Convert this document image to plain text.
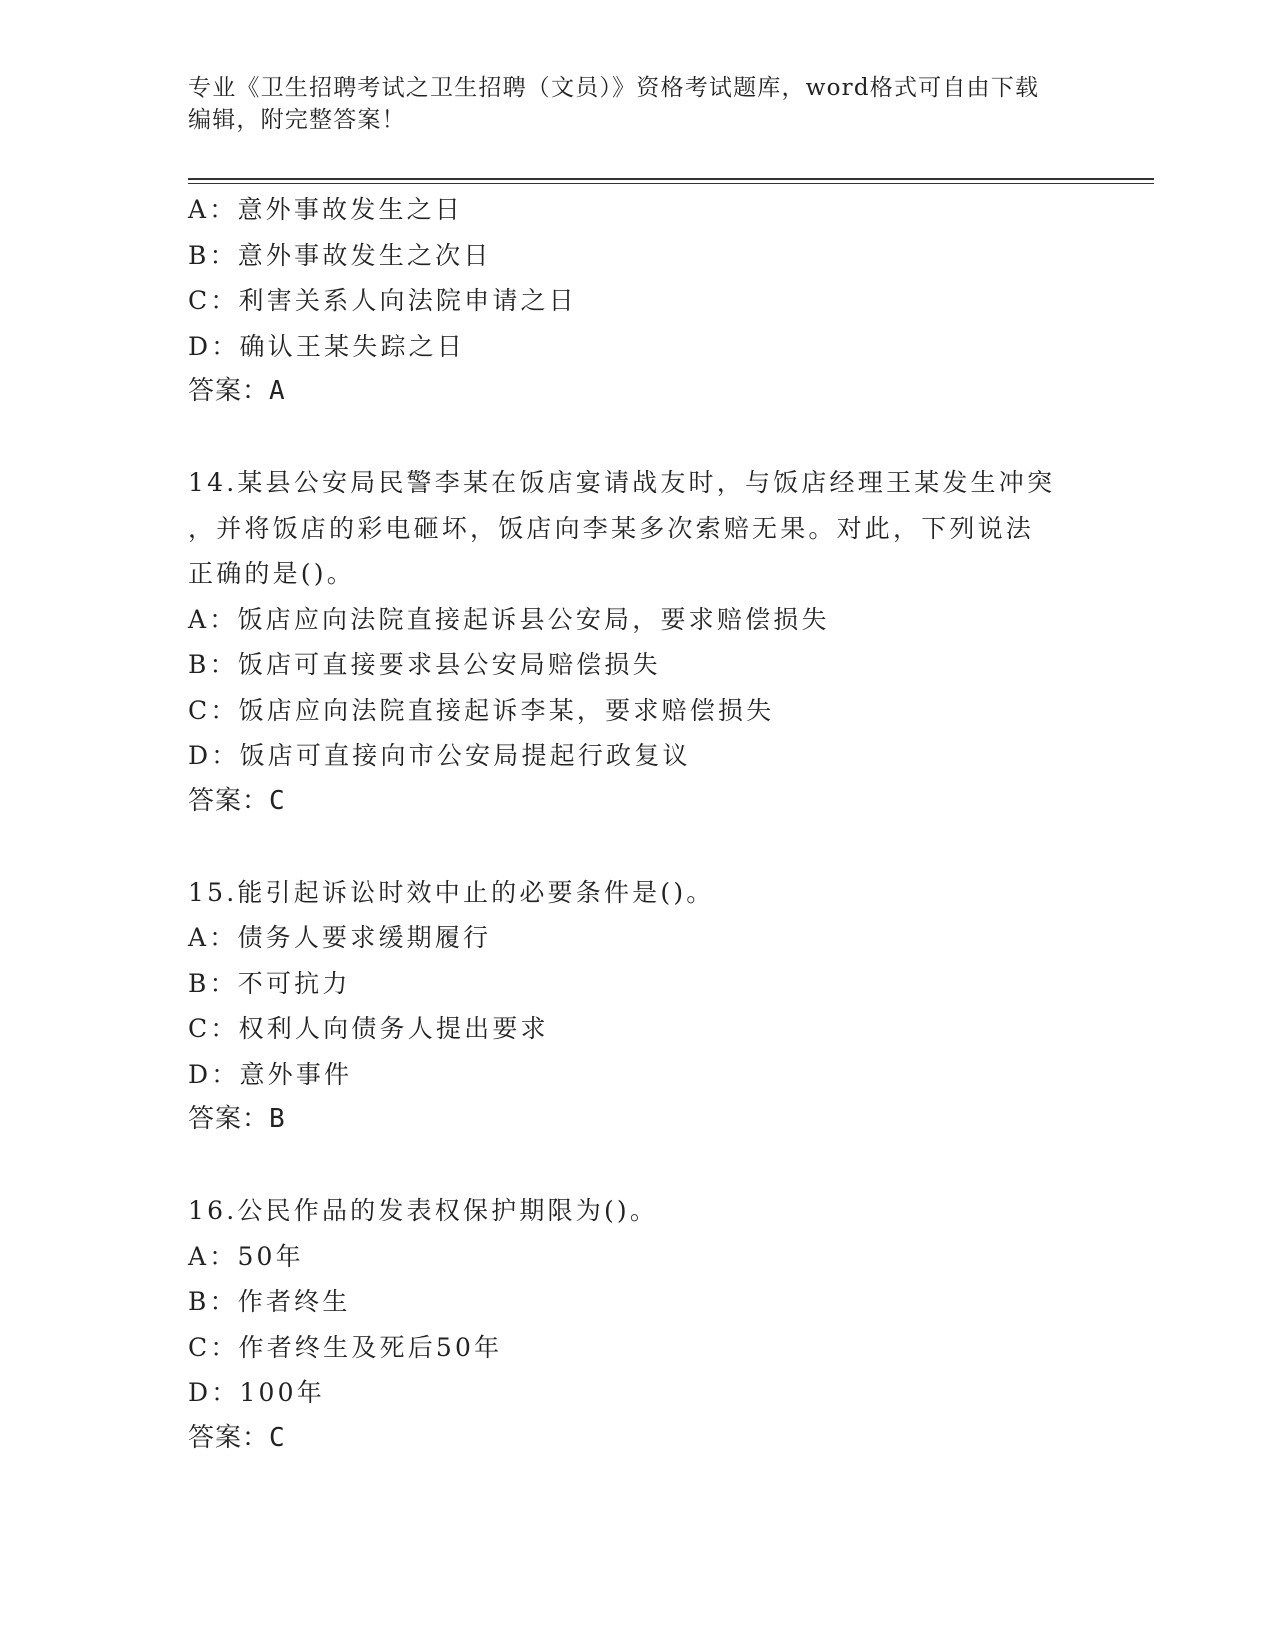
专业《卫生招聘考试之卫生招聘（文员）》资格考试题库，word格式可自由下载
编辑，附完整答案！
A：意外事故发生之日
B：意外事故发生之次日
C：利害关系人向法院申请之日
D：确认王某失踪之日
答案：A
14.某县公安局民警李某在饭店宴请战友时，与饭店经理王某发生冲突
，并将饭店的彩电砸坏，饭店向李某多次索赔无果。对此，下列说法
正确的是()。
A：饭店应向法院直接起诉县公安局，要求赔偿损失
B：饭店可直接要求县公安局赔偿损失
C：饭店应向法院直接起诉李某，要求赔偿损失
D：饭店可直接向市公安局提起行政复议
答案：C
15.能引起诉讼时效中止的必要条件是()。
A：债务人要求缓期履行
B：不可抗力
C：权利人向债务人提出要求
D：意外事件
答案：B
16.公民作品的发表权保护期限为()。
A：50年
B：作者终生
C：作者终生及死后50年
D：100年
答案：C
